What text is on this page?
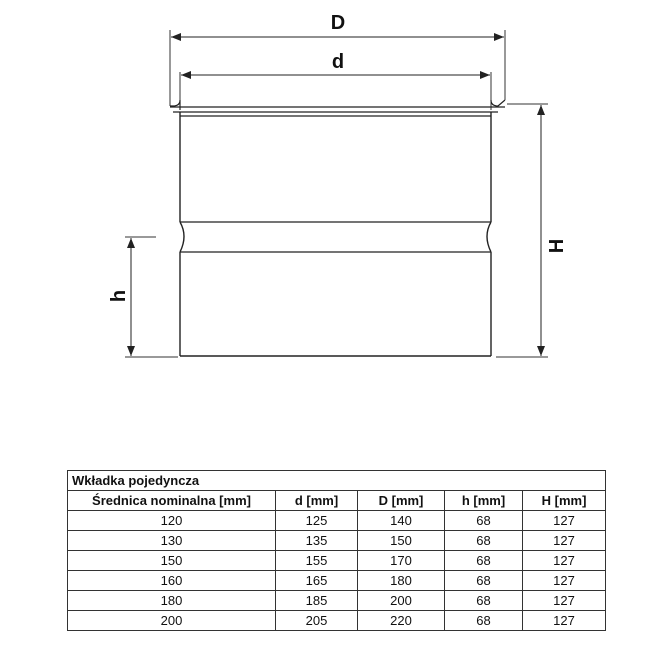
D
d
H
h
Wkładka pojedyncza				
Średnica nominalna [mm]	d [mm]	D [mm]	h [mm]	H [mm]
120	125	140	68	127
130	135	150	68	127
150	155	170	68	127
160	165	180	68	127
180	185	200	68	127
200	205	220	68	127
